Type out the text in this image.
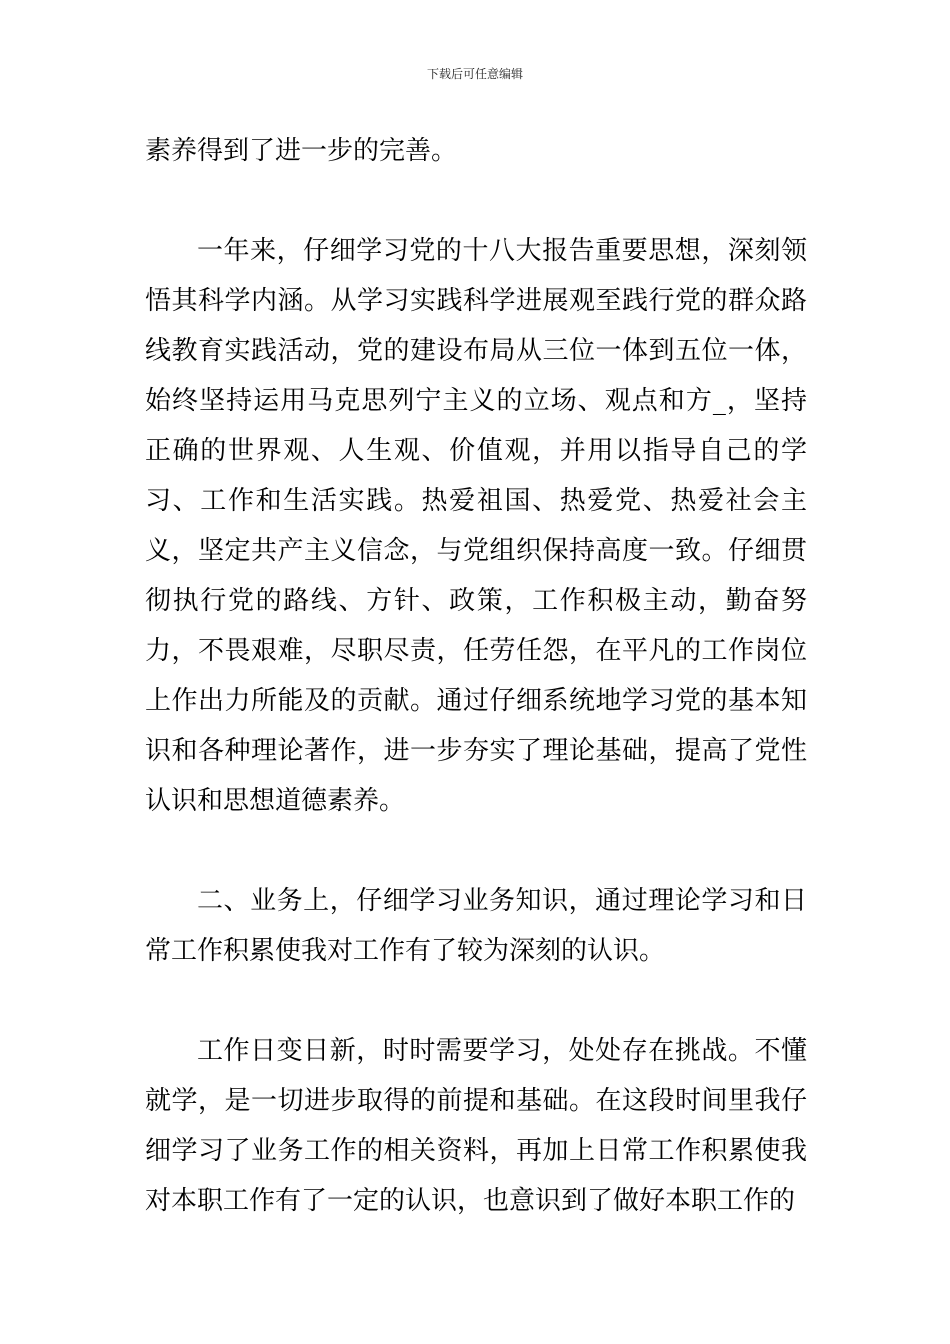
下载后可任意编辑

素养得到了进一步的完善。

一年来，仔细学习党的十八大报告重要思想，深刻领悟其科学内涵。从学习实践科学进展观至践行党的群众路线教育实践活动，党的建设布局从三位一体到五位一体，始终坚持运用马克思列宁主义的立场、观点和方_，坚持正确的世界观、人生观、价值观，并用以指导自己的学习、工作和生活实践。热爱祖国、热爱党、热爱社会主义，坚定共产主义信念，与党组织保持高度一致。仔细贯彻执行党的路线、方针、政策，工作积极主动，勤奋努力，不畏艰难，尽职尽责，任劳任怨，在平凡的工作岗位上作出力所能及的贡献。通过仔细系统地学习党的基本知识和各种理论著作，进一步夯实了理论基础，提高了党性认识和思想道德素养。

二、业务上，仔细学习业务知识，通过理论学习和日常工作积累使我对工作有了较为深刻的认识。

工作日变日新，时时需要学习，处处存在挑战。不懂就学，是一切进步取得的前提和基础。在这段时间里我仔细学习了业务工作的相关资料，再加上日常工作积累使我对本职工作有了一定的认识，也意识到了做好本职工作的
